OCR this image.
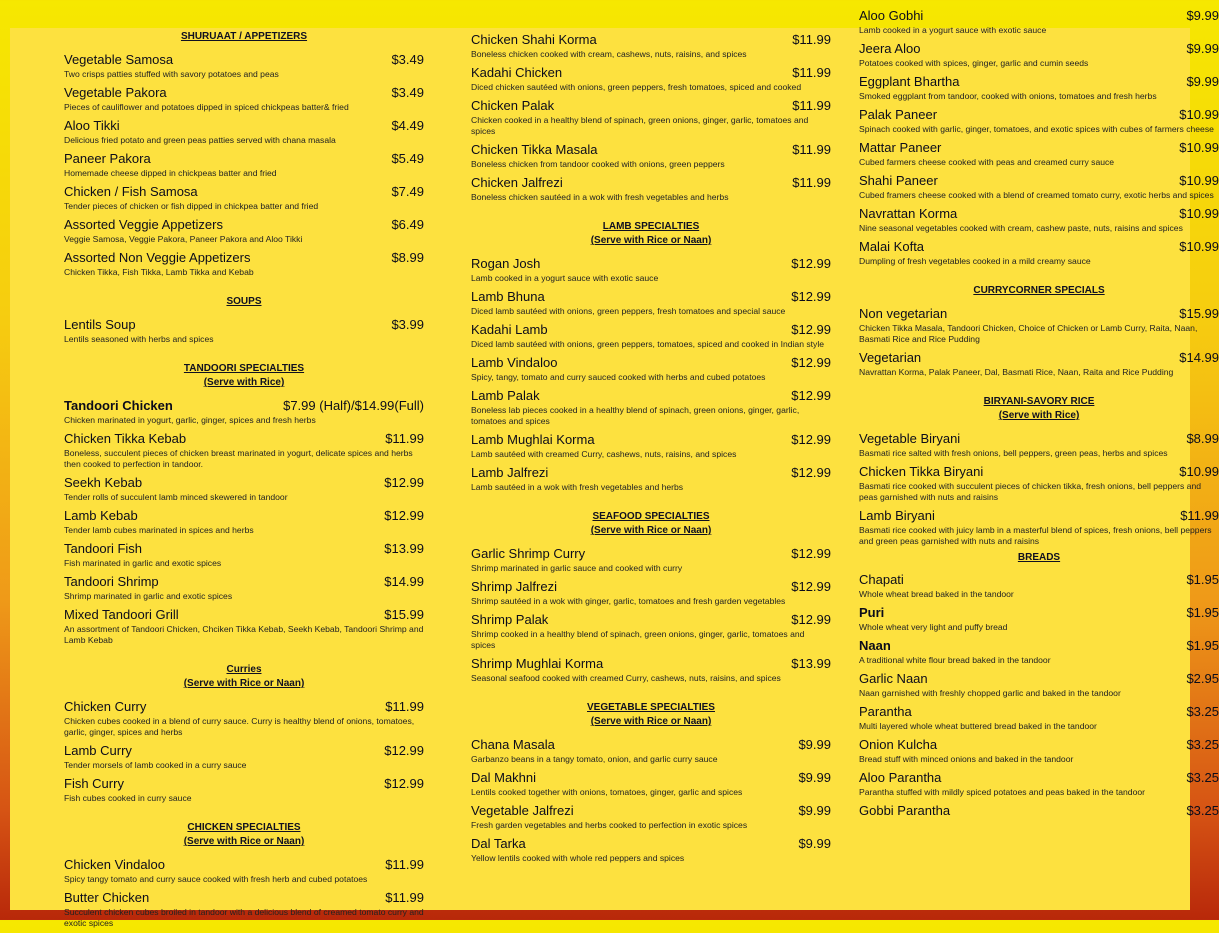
SHURUAAT / APPETIZERS
Vegetable Samosa	$3.49
Two crisps patties stuffed with savory potatoes and peas
Vegetable Pakora	$3.49
Pieces of cauliflower and potatoes dipped in spiced chickpeas batter& fried
Aloo Tikki	$4.49
Delicious fried potato and green peas patties served with chana masala
Paneer Pakora	$5.49
Homemade cheese dipped in chickpeas batter and fried
Chicken / Fish Samosa	$7.49
Tender pieces of chicken or fish dipped in chickpea batter and fried
Assorted Veggie Appetizers	$6.49
Veggie Samosa, Veggie Pakora, Paneer Pakora and Aloo Tikki
Assorted Non Veggie Appetizers	$8.99
Chicken Tikka, Fish Tikka, Lamb Tikka and Kebab
SOUPS
Lentils Soup	$3.99
Lentils seasoned with herbs and spices
TANDOORI SPECIALTIES
(Serve with Rice)
Tandoori Chicken	$7.99 (Half)/$14.99(Full)
Chicken marinated in yogurt, garlic, ginger, spices and fresh herbs
Chicken Tikka Kebab	$11.99
Boneless, succulent pieces of chicken breast marinated in yogurt, delicate spices and herbs then cooked to perfection in tandoor.
Seekh Kebab	$12.99
Tender rolls of succulent lamb minced skewered in tandoor
Lamb Kebab	$12.99
Tender lamb cubes marinated in spices and herbs
Tandoori Fish	$13.99
Fish marinated in garlic and exotic spices
Tandoori Shrimp	$14.99
Shrimp marinated in garlic and exotic spices
Mixed Tandoori Grill	$15.99
An assortment of Tandoori Chicken, Chciken Tikka Kebab, Seekh Kebab, Tandoori Shrimp and Lamb Kebab
Curries
(Serve with Rice or Naan)
Chicken Curry	$11.99
Chicken cubes cooked in a blend of curry sauce. Curry is healthy blend of onions, tomatoes, garlic, ginger, spices and herbs
Lamb Curry	$12.99
Tender morsels of lamb cooked in a curry sauce
Fish Curry	$12.99
Fish cubes cooked in curry sauce
CHICKEN SPECIALTIES
(Serve with Rice or Naan)
Chicken Vindaloo	$11.99
Spicy tangy tomato and curry sauce cooked with fresh herb and cubed potatoes
Butter Chicken	$11.99
Succulent chicken cubes broiled in tandoor with a delicious blend of creamed tomato curry and exotic spices
Chicken Shahi Korma	$11.99
Boneless chicken cooked with cream, cashews, nuts, raisins, and spices
Kadahi Chicken	$11.99
Diced chicken sautéed with onions, green peppers, fresh tomatoes, spiced and cooked
Chicken Palak	$11.99
Chicken cooked in a healthy blend of spinach, green onions, ginger, garlic, tomatoes and spices
Chicken Tikka Masala	$11.99
Boneless chicken from tandoor cooked with onions, green peppers
Chicken Jalfrezi	$11.99
Boneless chicken sautéed in a wok with fresh vegetables and herbs
LAMB SPECIALTIES
(Serve with Rice or Naan)
Rogan Josh	$12.99
Lamb cooked in a yogurt sauce with exotic sauce
Lamb Bhuna	$12.99
Diced lamb sautéed with onions, green peppers, fresh tomatoes and special sauce
Kadahi Lamb	$12.99
Diced lamb sautéed with onions, green peppers, tomatoes, spiced and cooked in Indian style
Lamb Vindaloo	$12.99
Spicy, tangy, tomato and curry sauced cooked with herbs and cubed potatoes
Lamb Palak	$12.99
Boneless lab pieces cooked in a healthy blend of spinach, green onions, ginger, garlic, tomatoes and spices
Lamb Mughlai Korma	$12.99
Lamb sautéed with creamed Curry, cashews, nuts, raisins, and spices
Lamb Jalfrezi	$12.99
Lamb sautéed in a wok with fresh vegetables and herbs
SEAFOOD SPECIALTIES
(Serve with Rice or Naan)
Garlic Shrimp Curry	$12.99
Shrimp marinated in garlic sauce and cooked with curry
Shrimp Jalfrezi	$12.99
Shrimp sautéed in a wok with ginger, garlic, tomatoes and fresh garden vegetables
Shrimp Palak	$12.99
Shrimp cooked in a healthy blend of spinach, green onions, ginger, garlic, tomatoes and spices
Shrimp Mughlai Korma	$13.99
Seasonal seafood cooked with creamed Curry, cashews, nuts, raisins, and spices
VEGETABLE SPECIALTIES
(Serve with Rice or Naan)
Chana Masala	$9.99
Garbanzo beans in a tangy tomato, onion, and garlic curry sauce
Dal Makhni	$9.99
Lentils cooked together with onions, tomatoes, ginger, garlic and spices
Vegetable Jalfrezi	$9.99
Fresh garden vegetables and herbs cooked to perfection in exotic spices
Dal Tarka	$9.99
Yellow lentils cooked with whole red peppers and spices
Aloo Gobhi	$9.99
Lamb cooked in a yogurt sauce with exotic sauce
Jeera Aloo	$9.99
Potatoes cooked with spices, ginger, garlic and cumin seeds
Eggplant Bhartha	$9.99
Smoked eggplant from tandoor, cooked with onions, tomatoes and fresh herbs
Palak Paneer	$10.99
Spinach cooked with garlic, ginger, tomatoes, and exotic spices with cubes of farmers cheese
Mattar Paneer	$10.99
Cubed farmers cheese cooked with peas and creamed curry sauce
Shahi Paneer	$10.99
Cubed framers cheese cooked with a blend of creamed tomato curry, exotic herbs and spices
Navrattan Korma	$10.99
Nine seasonal vegetables cooked with cream, cashew paste, nuts, raisins and spices
Malai Kofta	$10.99
Dumpling of fresh vegetables cooked in a mild creamy sauce
CURRYCORNER SPECIALS
Non vegetarian	$15.99
Chicken Tikka Masala, Tandoori Chicken, Choice of Chicken or Lamb Curry, Raita, Naan, Basmati Rice and Rice Pudding
Vegetarian	$14.99
Navrattan Korma, Palak Paneer, Dal, Basmati Rice, Naan, Raita and Rice Pudding
BIRYANI-SAVORY RICE
(Serve with Rice)
Vegetable Biryani	$8.99
Basmati rice salted with fresh onions, bell peppers, green peas, herbs and spices
Chicken Tikka Biryani	$10.99
Basmati rice cooked with succulent pieces of chicken tikka, fresh onions, bell peppers and peas garnished with nuts and raisins
Lamb Biryani	$11.99
Basmati rice cooked with juicy lamb in a masterful blend of spices, fresh onions, bell peppers and green peas garnished with nuts and raisins
BREADS
Chapati	$1.95
Whole wheat bread baked in the tandoor
Puri	$1.95
Whole wheat very light and puffy bread
Naan	$1.95
A traditional white flour bread baked in the tandoor
Garlic Naan	$2.95
Naan garnished with freshly chopped garlic and baked in the tandoor
Parantha	$3.25
Multi layered whole wheat buttered bread baked in the tandoor
Onion Kulcha	$3.25
Bread stuff with minced onions and baked in the tandoor
Aloo Parantha	$3.25
Parantha stuffed with mildly spiced potatoes and peas baked in the tandoor
Gobbi Parantha	$3.25
